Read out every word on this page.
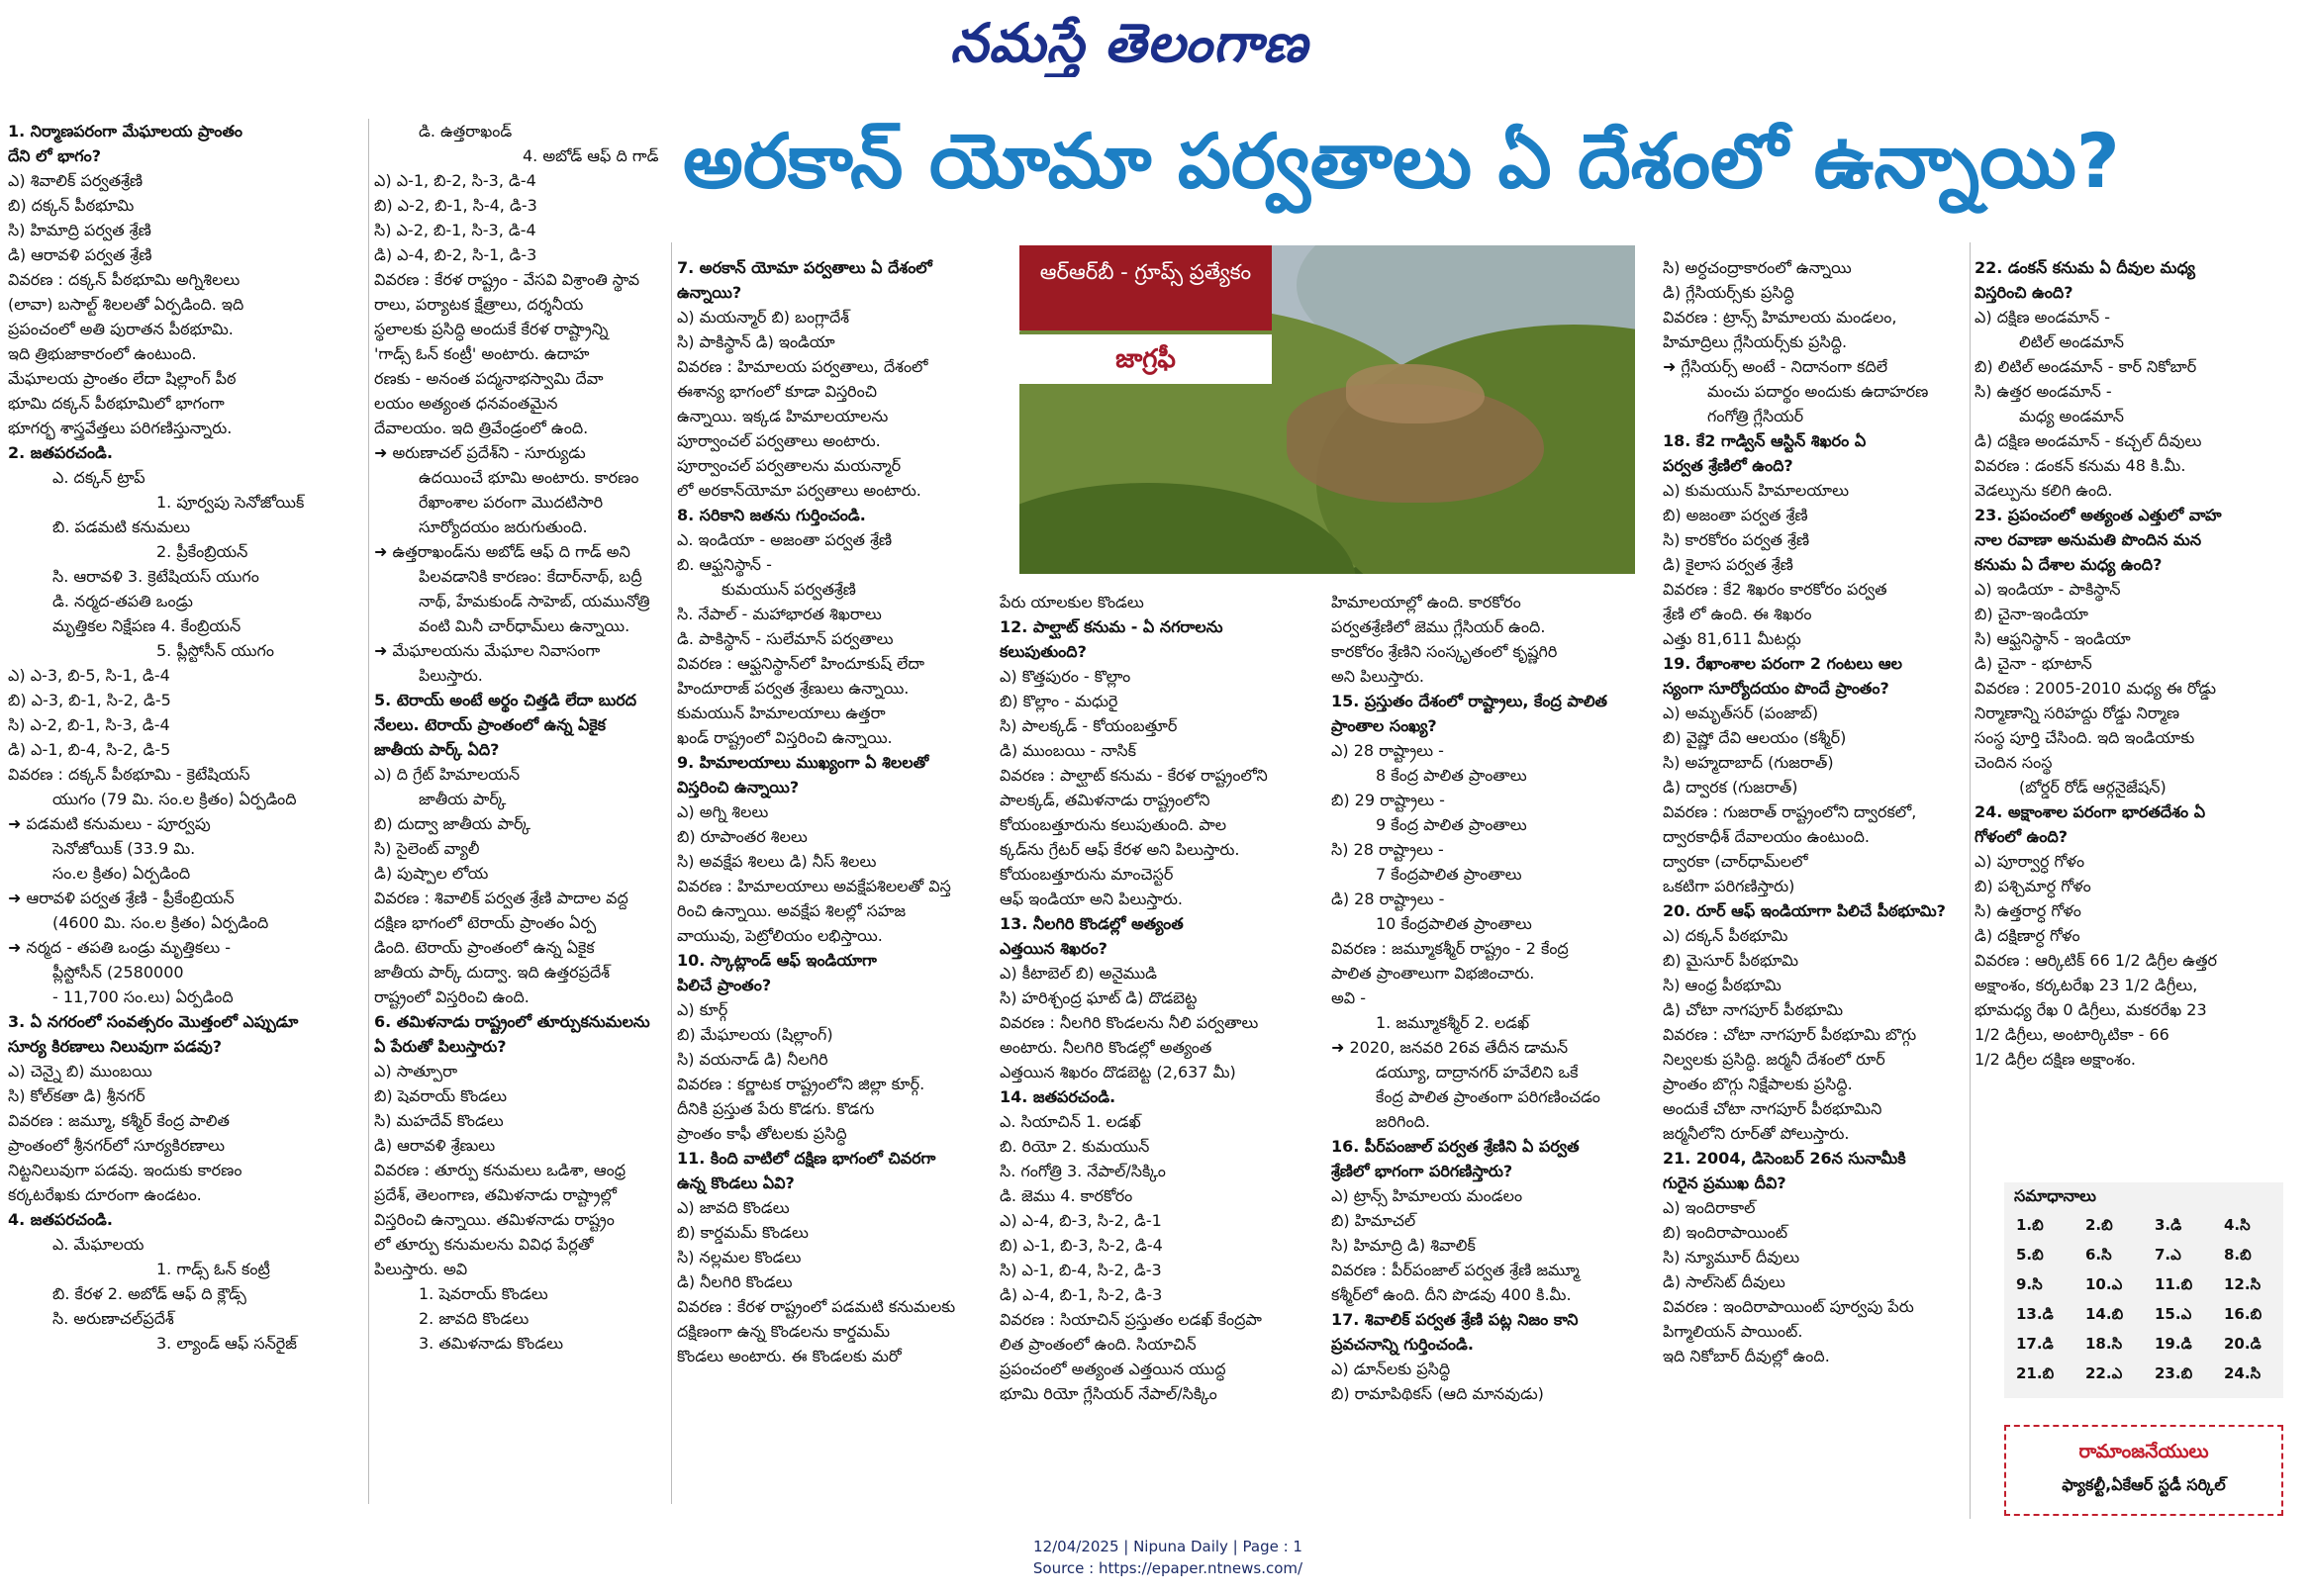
నమస్తే తెలంగాణ
అరకాన్ యోమా పర్వతాలు ఏ దేశంలో ఉన్నాయి?
1. నిర్మాణపరంగా మేఘాలయ ప్రాంతం
దేని లో భాగం?
ఎ) శివాలిక్ పర్వతశ్రేణి
బి) దక్కన్ పీఠభూమి
సి) హిమాద్రి పర్వత శ్రేణి
డి) ఆరావళి పర్వత శ్రేణి
వివరణ : దక్కన్ పీఠభూమి అగ్నిశిలలు
(లావా) బసాల్ట్ శిలలతో ఏర్పడింది. ఇది
ప్రపంచంలో అతి పురాతన పీఠభూమి.
ఇది త్రిభుజాకారంలో ఉంటుంది.
మేఘాలయ ప్రాంతం లేదా షిల్లాంగ్ పీఠ
భూమి దక్కన్ పీఠభూమిలో భాగంగా
భూగర్భ శాస్త్రవేత్తలు పరిగణిస్తున్నారు.
2. జతపరచండి.
ఎ. దక్కన్ ట్రాప్
1. పూర్వపు సెనోజోయిక్
బి. పడమటి కనుమలు
2. ప్రీకేంబ్రియన్
సి. ఆరావళి 3. క్రెటేషియస్ యుగం
డి. నర్మద-తపతి ఒండ్రు
మృత్తికల నిక్షేపణ 4. కేంబ్రియన్
5. ప్లీస్టోసీన్ యుగం
ఎ) ఎ-3, బి-5, సి-1, డి-4
బి) ఎ-3, బి-1, సి-2, డి-5
సి) ఎ-2, బి-1, సి-3, డి-4
డి) ఎ-1, బి-4, సి-2, డి-5
వివరణ : దక్కన్ పీఠభూమి - క్రెటేషియస్
యుగం (79 మి. సం.ల క్రితం) ఏర్పడింది
➜ పడమటి కనుమలు - పూర్వపు
సెనోజోయిక్ (33.9 మి.
సం.ల క్రితం) ఏర్పడింది
➜ ఆరావళి పర్వత శ్రేణి - ప్రీకేంబ్రియన్
(4600 మి. సం.ల క్రితం) ఏర్పడింది
➜ నర్మద - తపతి ఒండ్రు మృత్తికలు -
ప్లీస్టోసీన్ (2580000
- 11,700 సం.లు) ఏర్పడింది
3. ఏ నగరంలో సంవత్సరం మొత్తంలో ఎప్పుడూ
సూర్య కిరణాలు నిలువుగా పడవు?
ఎ) చెన్నై బి) ముంబయి
సి) కోల్‌కతా డి) శ్రీనగర్
వివరణ : జమ్మూ, కశ్మీర్ కేంద్ర పాలిత
ప్రాంతంలో శ్రీనగర్‌లో సూర్యకిరణాలు
నిట్టనిలువుగా పడవు. ఇందుకు కారణం
కర్కటరేఖకు దూరంగా ఉండటం.
4. జతపరచండి.
ఎ. మేఘాలయ
1. గాడ్స్ ఓన్ కంట్రీ
బి. కేరళ 2. అబోడ్ ఆఫ్ ది క్లౌడ్స్
సి. అరుణాచల్‌ప్రదేశ్
3. ల్యాండ్ ఆఫ్ సన్‌రైజ్
డి. ఉత్తరాఖండ్
4. అబోడ్ ఆఫ్ ది గాడ్
ఎ) ఎ-1, బి-2, సి-3, డి-4
బి) ఎ-2, బి-1, సి-4, డి-3
సి) ఎ-2, బి-1, సి-3, డి-4
డి) ఎ-4, బి-2, సి-1, డి-3
వివరణ : కేరళ రాష్ట్రం - వేసవి విశ్రాంతి స్థావ
రాలు, పర్యాటక క్షేత్రాలు, దర్శనీయ
స్థలాలకు ప్రసిద్ధి అందుకే కేరళ రాష్ట్రాన్ని
'గాడ్స్ ఓన్ కంట్రీ' అంటారు. ఉదాహ
రణకు - అనంత పద్మనాభస్వామి దేవా
లయం అత్యంత ధనవంతమైన
దేవాలయం. ఇది త్రివేండ్రంలో ఉంది.
➜ అరుణాచల్ ప్రదేశ్‌ని - సూర్యుడు
ఉదయించే భూమి అంటారు. కారణం
రేఖాంశాల పరంగా మొదటిసారి
సూర్యోదయం జరుగుతుంది.
➜ ఉత్తరాఖండ్‌ను అబోడ్ ఆఫ్ ది గాడ్ అని
పిలవడానికి కారణం: కేదార్‌నాథ్, బద్రీ
నాథ్, హేమకుండ్ సాహెబ్, యమునోత్రి
వంటి మినీ చార్‌ధామ్‌లు ఉన్నాయి.
➜ మేఘాలయను మేఘాల నివాసంగా
పిలుస్తారు.
5. టెరాయ్ అంటే అర్థం చిత్తడి లేదా బురద
నేలలు. టెరాయ్ ప్రాంతంలో ఉన్న ఏకైక
జాతీయ పార్క్ ఏది?
ఎ) ది గ్రేట్ హిమాలయన్
జాతీయ పార్క్
బి) దుద్వా జాతీయ పార్క్
సి) సైలెంట్ వ్యాలీ
డి) పుష్పాల లోయ
వివరణ : శివాలిక్ పర్వత శ్రేణి పాదాల వద్ద
దక్షిణ భాగంలో టెరాయ్ ప్రాంతం ఏర్ప
డింది. టెరాయ్ ప్రాంతంలో ఉన్న ఏకైక
జాతీయ పార్క్ దుద్వా. ఇది ఉత్తరప్రదేశ్
రాష్ట్రంలో విస్తరించి ఉంది.
6. తమిళనాడు రాష్ట్రంలో తూర్పుకనుమలను
ఏ పేరుతో పిలుస్తారు?
ఎ) సాత్పూరా
బి) షెవరాయ్ కొండలు
సి) మహదేవ్ కొండలు
డి) ఆరావళి శ్రేణులు
వివరణ : తూర్పు కనుమలు ఒడిశా, ఆంధ్ర
ప్రదేశ్, తెలంగాణ, తమిళనాడు రాష్ట్రాల్లో
విస్తరించి ఉన్నాయి. తమిళనాడు రాష్ట్రం
లో తూర్పు కనుమలను వివిధ పేర్లతో
పిలుస్తారు. అవి
1. షెవరాయ్ కొండలు
2. జావది కొండలు
3. తమిళనాడు కొండలు
7. అరకాన్ యోమా పర్వతాలు ఏ దేశంలో
ఉన్నాయి?
ఎ) మయన్మార్ బి) బంగ్లాదేశ్
సి) పాకిస్థాన్ డి) ఇండియా
వివరణ : హిమాలయ పర్వతాలు, దేశంలో
ఈశాన్య భాగంలో కూడా విస్తరించి
ఉన్నాయి. ఇక్కడ హిమాలయాలను
పూర్వాంచల్ పర్వతాలు అంటారు.
పూర్వాంచల్ పర్వతాలను మయన్మార్
లో అరకాన్‌యోమా పర్వతాలు అంటారు.
8. సరికాని జతను గుర్తించండి.
ఎ. ఇండియా - అజంతా పర్వత శ్రేణి
బి. ఆఫ్ఘనిస్థాన్ -
కుమయున్ పర్వతశ్రేణి
సి. నేపాల్ - మహాభారత శిఖరాలు
డి. పాకిస్థాన్ - సులేమాన్ పర్వతాలు
వివరణ : ఆఫ్ఘనిస్థాన్‌లో హిందూకుష్ లేదా
హిందూరాజ్ పర్వత శ్రేణులు ఉన్నాయి.
కుమయున్ హిమాలయాలు ఉత్తరా
ఖండ్ రాష్ట్రంలో విస్తరించి ఉన్నాయి.
9. హిమాలయాలు ముఖ్యంగా ఏ శిలలతో
విస్తరించి ఉన్నాయి?
ఎ) అగ్ని శిలలు
బి) రూపాంతర శిలలు
సి) అవక్షేప శిలలు డి) నీస్ శిలలు
వివరణ : హిమాలయాలు అవక్షేపశిలలతో విస్త
రించి ఉన్నాయి. అవక్షేప శిలల్లో సహజ
వాయువు, పెట్రోలియం లభిస్తాయి.
10. స్కాట్లాండ్ ఆఫ్ ఇండియాగా
పిలిచే ప్రాంతం?
ఎ) కూర్గ్
బి) మేఘాలయ (షిల్లాంగ్)
సి) వయనాడ్ డి) నీలగిరి
వివరణ : కర్ణాటక రాష్ట్రంలోని జిల్లా కూర్గ్.
దీనికి ప్రస్తుత పేరు కొడగు. కొడగు
ప్రాంతం కాఫీ తోటలకు ప్రసిద్ధి
11. కింది వాటిలో దక్షిణ భాగంలో చివరగా
ఉన్న కొండలు ఏవి?
ఎ) జావది కొండలు
బి) కార్డమమ్ కొండలు
సి) నల్లమల కొండలు
డి) నీలగిరి కొండలు
వివరణ : కేరళ రాష్ట్రంలో పడమటి కనుమలకు
దక్షిణంగా ఉన్న కొండలను కార్డమమ్
కొండలు అంటారు. ఈ కొండలకు మరో
పేరు యాలకుల కొండలు
12. పాల్ఘాట్ కనుమ - ఏ నగరాలను
కలుపుతుంది?
ఎ) కొత్తపురం - కొల్లాం
బి) కొల్లాం - మధురై
సి) పాలక్కడ్ - కోయంబత్తూర్
డి) ముంబయి - నాసిక్
వివరణ : పాల్ఘాట్ కనుమ - కేరళ రాష్ట్రంలోని
పాలక్కడ్, తమిళనాడు రాష్ట్రంలోని
కోయంబత్తూరును కలుపుతుంది. పాల
క్కడ్‌ను గ్రేటర్ ఆఫ్ కేరళ అని పిలుస్తారు.
కోయంబత్తూరును మాంచెస్టర్
ఆఫ్ ఇండియా అని పిలుస్తారు.
13. నీలగిరి కొండల్లో అత్యంత
ఎత్తయిన శిఖరం?
ఎ) కీటాబెల్ బి) అనైముడి
సి) హరిశ్చంద్ర ఘాట్ డి) దొడబెట్ట
వివరణ : నీలగిరి కొండలను నీలి పర్వతాలు
అంటారు. నీలగిరి కొండల్లో అత్యంత
ఎత్తయిన శిఖరం దొడబెట్ట (2,637 మీ)
14. జతపరచండి.
ఎ. సియాచిన్ 1. లడఖ్
బి. రియో 2. కుమయున్
సి. గంగోత్రి 3. నేపాల్/సిక్కిం
డి. జెము 4. కారకోరం
ఎ) ఎ-4, బి-3, సి-2, డి-1
బి) ఎ-1, బి-3, సి-2, డి-4
సి) ఎ-1, బి-4, సి-2, డి-3
డి) ఎ-4, బి-1, సి-2, డి-3
వివరణ : సియాచిన్ ప్రస్తుతం లడఖ్ కేంద్రపా
లిత ప్రాంతంలో ఉంది. సియాచిన్
ప్రపంచంలో అత్యంత ఎత్తయిన యుద్ధ
భూమి రియో గ్లేసియర్ నేపాల్/సిక్కిం
హిమాలయాల్లో ఉంది. కారకోరం
పర్వతశ్రేణిలో జెము గ్లేసియర్ ఉంది.
కారకోరం శ్రేణిని సంస్కృతంలో కృష్ణగిరి
అని పిలుస్తారు.
15. ప్రస్తుతం దేశంలో రాష్ట్రాలు, కేంద్ర పాలిత
ప్రాంతాల సంఖ్య?
ఎ) 28 రాష్ట్రాలు -
8 కేంద్ర పాలిత ప్రాంతాలు
బి) 29 రాష్ట్రాలు -
9 కేంద్ర పాలిత ప్రాంతాలు
సి) 28 రాష్ట్రాలు -
7 కేంద్రపాలిత ప్రాంతాలు
డి) 28 రాష్ట్రాలు -
10 కేంద్రపాలిత ప్రాంతాలు
వివరణ : జమ్మూకశ్మీర్ రాష్ట్రం - 2 కేంద్ర
పాలిత ప్రాంతాలుగా విభజించారు.
అవి -
1. జమ్మూకశ్మీర్ 2. లడఖ్
➜ 2020, జనవరి 26వ తేదీన డామన్
డయ్యూ, దాద్రానగర్ హవేలిని ఒకే
కేంద్ర పాలిత ప్రాంతంగా పరిగణించడం
జరిగింది.
16. పీర్‌పంజాల్ పర్వత శ్రేణిని ఏ పర్వత
శ్రేణిలో భాగంగా పరిగణిస్తారు?
ఎ) ట్రాన్స్ హిమాలయ మండలం
బి) హిమాచల్
సి) హిమాద్రి డి) శివాలిక్
వివరణ : పీర్‌పంజాల్ పర్వత శ్రేణి జమ్మూ
కశ్మీర్‌లో ఉంది. దీని పొడవు 400 కి.మీ.
17. శివాలిక్ పర్వత శ్రేణి పట్ల నిజం కాని
ప్రవచనాన్ని గుర్తించండి.
ఎ) డూన్‌లకు ప్రసిద్ధి
బి) రామాపిథికస్ (ఆది మానవుడు)
సి) అర్ధచంద్రాకారంలో ఉన్నాయి
డి) గ్లేసియర్స్‌కు ప్రసిద్ధి
వివరణ : ట్రాన్స్ హిమాలయ మండలం,
హిమాద్రిలు గ్లేసియర్స్‌కు ప్రసిద్ధి.
➜ గ్లేసియర్స్ అంటే - నిదానంగా కదిలే
మంచు పదార్థం అందుకు ఉదాహరణ
గంగోత్రి గ్లేసియర్
18. కే2 గాడ్విన్ ఆస్టిన్ శిఖరం ఏ
పర్వత శ్రేణిలో ఉంది?
ఎ) కుమయున్ హిమాలయాలు
బి) అజంతా పర్వత శ్రేణి
సి) కారకోరం పర్వత శ్రేణి
డి) కైలాస పర్వత శ్రేణి
వివరణ : కే2 శిఖరం కారకోరం పర్వత
శ్రేణి లో ఉంది. ఈ శిఖరం
ఎత్తు 81,611 మీటర్లు
19. రేఖాంశాల పరంగా 2 గంటలు ఆల
స్యంగా సూర్యోదయం పొందే ప్రాంతం?
ఎ) అమృత్‌సర్ (పంజాబ్)
బి) వైష్ణో దేవి ఆలయం (కశ్మీర్)
సి) అహ్మదాబాద్ (గుజరాత్)
డి) ద్వారక (గుజరాత్)
వివరణ : గుజరాత్ రాష్ట్రంలోని ద్వారకలో,
ద్వారకాధీశ్ దేవాలయం ఉంటుంది.
ద్వారకా (చార్‌ధామ్‌లలో
ఒకటిగా పరిగణిస్తారు)
20. రూర్ ఆఫ్ ఇండియాగా పిలిచే పీఠభూమి?
ఎ) దక్కన్ పీఠభూమి
బి) మైసూర్ పీఠభూమి
సి) ఆంధ్ర పీఠభూమి
డి) చోటా నాగపూర్ పీఠభూమి
వివరణ : చోటా నాగపూర్ పీఠభూమి బొగ్గు
నిల్వలకు ప్రసిద్ధి. జర్మనీ దేశంలో రూర్
ప్రాంతం బొగ్గు నిక్షేపాలకు ప్రసిద్ధి.
అందుకే చోటా నాగపూర్ పీఠభూమిని
జర్మనీలోని రూర్‌తో పోలుస్తారు.
21. 2004, డిసెంబర్ 26న సునామీకి
గురైన ప్రముఖ దీవి?
ఎ) ఇందిరాకాల్
బి) ఇందిరాపాయింట్
సి) న్యూమూర్ దీవులు
డి) సాల్‌సెట్ దీవులు
వివరణ : ఇందిరాపాయింట్ పూర్వపు పేరు
పిగ్మాలియన్ పాయింట్.
ఇది నికోబార్ దీవుల్లో ఉంది.
22. డంకన్ కనుమ ఏ దీవుల మధ్య
విస్తరించి ఉంది?
ఎ) దక్షిణ అండమాన్ -
లిటిల్ అండమాన్
బి) లిటిల్ అండమాన్ - కార్ నికోబార్
సి) ఉత్తర అండమాన్ -
మధ్య అండమాన్
డి) దక్షిణ అండమాన్ - కచ్చల్ దీవులు
వివరణ : డంకన్ కనుమ 48 కి.మీ.
వెడల్పును కలిగి ఉంది.
23. ప్రపంచంలో అత్యంత ఎత్తులో వాహ
నాల రవాణా అనుమతి పొందిన మన
కనుమ ఏ దేశాల మధ్య ఉంది?
ఎ) ఇండియా - పాకిస్థాన్
బి) చైనా-ఇండియా
సి) ఆఫ్ఘనిస్థాన్ - ఇండియా
డి) చైనా - భూటాన్
వివరణ : 2005-2010 మధ్య ఈ రోడ్డు
నిర్మాణాన్ని సరిహద్దు రోడ్డు నిర్మాణ
సంస్థ పూర్తి చేసింది. ఇది ఇండియాకు
చెందిన సంస్థ
(బోర్డర్ రోడ్ ఆర్గనైజేషన్)
24. అక్షాంశాల పరంగా భారతదేశం ఏ
గోళంలో ఉంది?
ఎ) పూర్వార్ధ గోళం
బి) పశ్చిమార్ధ గోళం
సి) ఉత్తరార్ధ గోళం
డి) దక్షిణార్ధ గోళం
వివరణ : ఆర్కిటిక్ 66 1/2 డిగ్రీల ఉత్తర
అక్షాంశం, కర్కటరేఖ 23 1/2 డిగ్రీలు,
భూమధ్య రేఖ 0 డిగ్రీలు, మకరరేఖ 23
1/2 డిగ్రీలు, అంటార్కిటికా - 66
1/2 డిగ్రీల దక్షిణ అక్షాంశం.
ఆర్ఆర్‌బీ - గ్రూప్స్ ప్రత్యేకం
జాగ్రఫీ
సమాధానాలు
1.బి	2.బి	3.డి	4.సి
5.బి	6.సి	7.ఎ	8.బి
9.సి	10.ఎ	11.బి	12.సి
13.డి	14.బి	15.ఎ	16.బి
17.డి	18.సి	19.డి	20.డి
21.బి	22.ఎ	23.బి	24.సి
రామాంజనేయులు
ఫ్యాకల్టీ,ఏకేఆర్ స్టడీ సర్కిల్
12/04/2025 | Nipuna Daily | Page : 1
Source : https://epaper.ntnews.com/
